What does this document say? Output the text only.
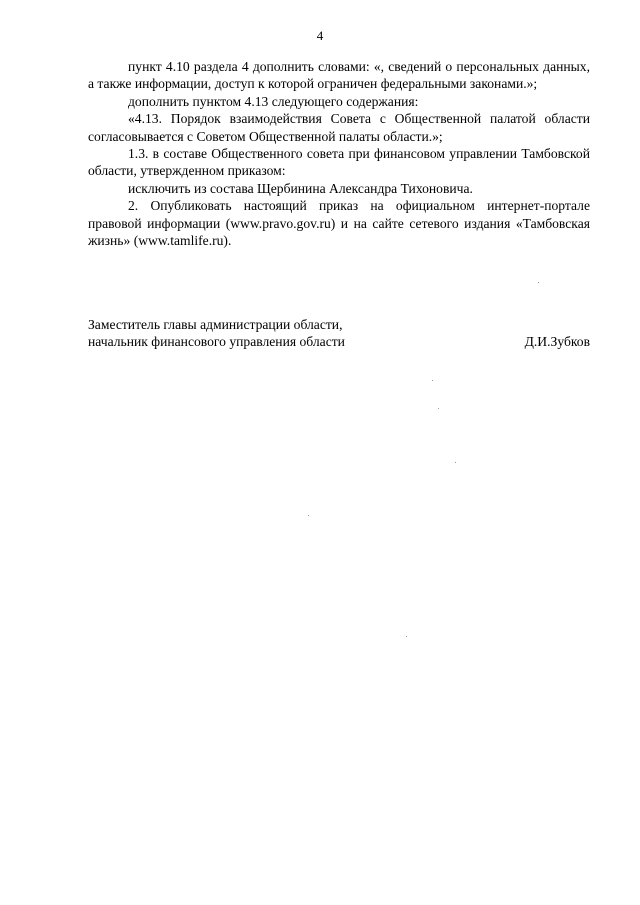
4

пункт 4.10 раздела 4 дополнить словами: «, сведений о персональных данных, а также информации, доступ к которой ограничен федеральными законами.»;

дополнить пунктом 4.13 следующего содержания:

«4.13. Порядок взаимодействия Совета с Общественной палатой области согласовывается с Советом Общественной палаты области.»;

1.3. в составе Общественного совета при финансовом управлении Тамбовской области, утвержденном приказом:

исключить из состава Щербинина Александра Тихоновича.

2. Опубликовать настоящий приказ на официальном интернет-портале правовой информации (www.pravo.gov.ru) и на сайте сетевого издания «Тамбовская жизнь» (www.tamlife.ru).

Заместитель главы администрации области,
начальник финансового управления области	Д.И.Зубков
